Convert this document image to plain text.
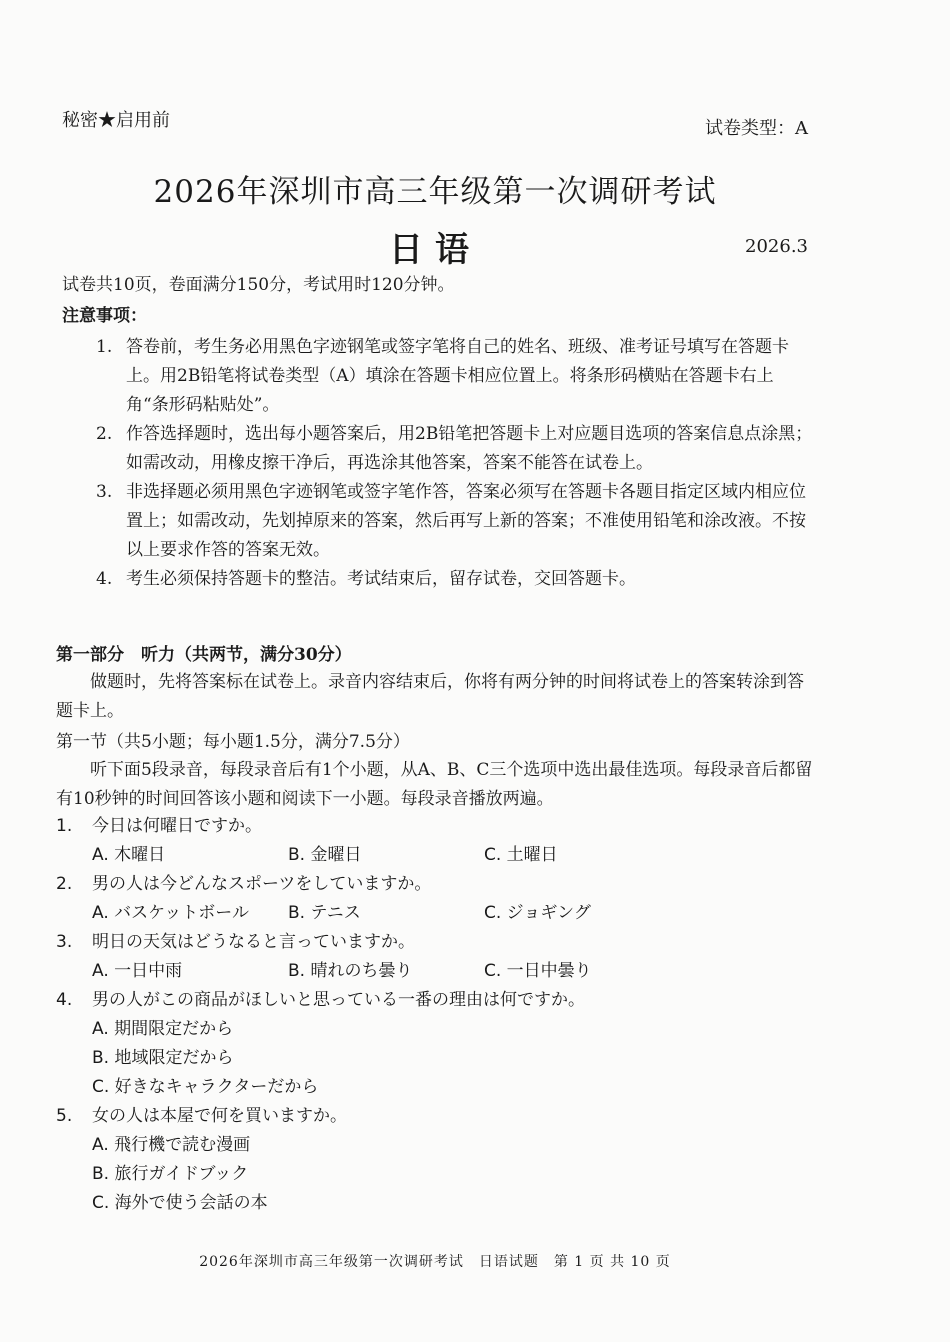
秘密★启用前	试卷类型：A
2026年深圳市高三年级第一次调研考试
日语	2026.3
试卷共10页，卷面满分150分，考试用时120分钟。
注意事项：
1. 答卷前，考生务必用黑色字迹钢笔或签字笔将自己的姓名、班级、准考证号填写在答题卡上。用2B铅笔将试卷类型（A）填涂在答题卡相应位置上。将条形码横贴在答题卡右上角“条形码粘贴处”。
2. 作答选择题时，选出每小题答案后，用2B铅笔把答题卡上对应题目选项的答案信息点涂黑；如需改动，用橡皮擦干净后，再选涂其他答案，答案不能答在试卷上。
3. 非选择题必须用黑色字迹钢笔或签字笔作答，答案必须写在答题卡各题目指定区域内相应位置上；如需改动，先划掉原来的答案，然后再写上新的答案；不准使用铅笔和涂改液。不按以上要求作答的答案无效。
4. 考生必须保持答题卡的整洁。考试结束后，留存试卷，交回答题卡。
第一部分　听力（共两节，满分30分）
做题时，先将答案标在试卷上。录音内容结束后，你将有两分钟的时间将试卷上的答案转涂到答题卡上。
第一节（共5小题；每小题1.5分，满分7.5分）
听下面5段录音，每段录音后有1个小题，从A、B、C三个选项中选出最佳选项。每段录音后都留有10秒钟的时间回答该小题和阅读下一小题。每段录音播放两遍。
1.	今日は何曜日ですか。
A. 木曜日	B. 金曜日	C. 土曜日
2.	男の人は今どんなスポーツをしていますか。
A. バスケットボール	B. テニス	C. ジョギング
3.	明日の天気はどうなると言っていますか。
A. 一日中雨	B. 晴れのち曇り	C. 一日中曇り
4.	男の人がこの商品がほしいと思っている一番の理由は何ですか。
A. 期間限定だから
B. 地域限定だから
C. 好きなキャラクターだから
5.	女の人は本屋で何を買いますか。
A. 飛行機で読む漫画
B. 旅行ガイドブック
C. 海外で使う会話の本
2026年深圳市高三年级第一次调研考试　日语试题　第 1 页 共 10 页
